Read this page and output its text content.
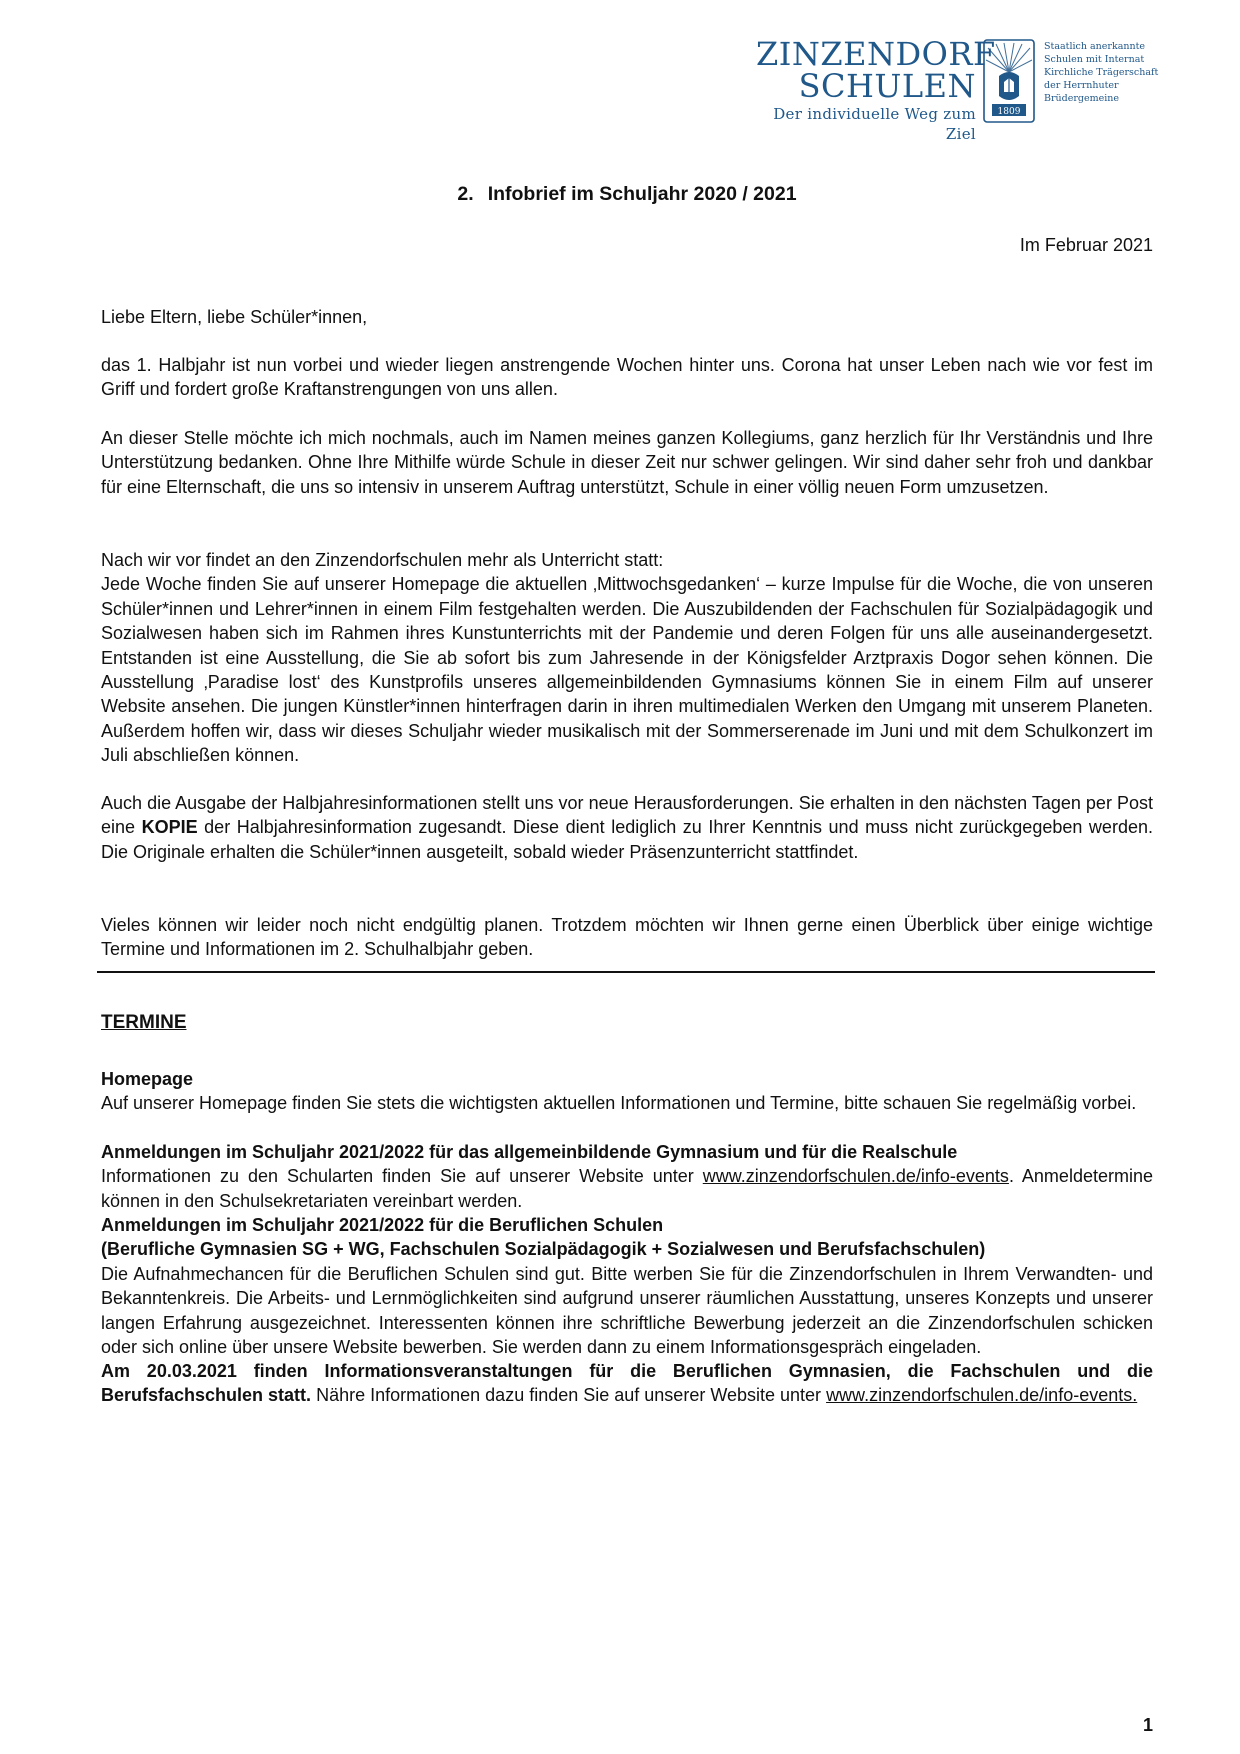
ZINZENDORF
SCHULEN
Der individuelle Weg zum Ziel
1809
Staatlich anerkannte
Schulen mit Internat
Kirchliche Trägerschaft
der Herrnhuter
Brüdergemeine
2. Infobrief im Schuljahr 2020 / 2021
Im Februar 2021

Liebe Eltern, liebe Schüler*innen,

das 1. Halbjahr ist nun vorbei und wieder liegen anstrengende Wochen hinter uns. Corona hat unser Leben nach wie vor fest im Griff und fordert große Kraftanstrengungen von uns allen.

An dieser Stelle möchte ich mich nochmals, auch im Namen meines ganzen Kollegiums, ganz herzlich für Ihr Verständnis und Ihre Unterstützung bedanken. Ohne Ihre Mithilfe würde Schule in dieser Zeit nur schwer gelingen. Wir sind daher sehr froh und dankbar für eine Elternschaft, die uns so intensiv in unserem Auftrag unterstützt, Schule in einer völlig neuen Form umzusetzen.

Nach wir vor findet an den Zinzendorfschulen mehr als Unterricht statt:
Jede Woche finden Sie auf unserer Homepage die aktuellen ‚Mittwochsgedanken‘ – kurze Impulse für die Woche, die von unseren Schüler*innen und Lehrer*innen in einem Film festgehalten werden. Die Auszubildenden der Fachschulen für Sozialpädagogik und Sozialwesen haben sich im Rahmen ihres Kunstunterrichts mit der Pandemie und deren Folgen für uns alle auseinandergesetzt. Entstanden ist eine Ausstellung, die Sie ab sofort bis zum Jahresende in der Königsfelder Arztpraxis Dogor sehen können. Die Ausstellung ‚Paradise lost‘ des Kunstprofils unseres allgemeinbildenden Gymnasiums können Sie in einem Film auf unserer Website ansehen. Die jungen Künstler*innen hinterfragen darin in ihren multimedialen Werken den Umgang mit unserem Planeten. Außerdem hoffen wir, dass wir dieses Schuljahr wieder musikalisch mit der Sommerserenade im Juni und mit dem Schulkonzert im Juli abschließen können.

Auch die Ausgabe der Halbjahresinformationen stellt uns vor neue Herausforderungen. Sie erhalten in den nächsten Tagen per Post eine KOPIE der Halbjahresinformation zugesandt. Diese dient lediglich zu Ihrer Kenntnis und muss nicht zurückgegeben werden. Die Originale erhalten die Schüler*innen ausgeteilt, sobald wieder Präsenzunterricht stattfindet.

Vieles können wir leider noch nicht endgültig planen. Trotzdem möchten wir Ihnen gerne einen Überblick über einige wichtige Termine und Informationen im 2. Schulhalbjahr geben.

TERMINE

Homepage
Auf unserer Homepage finden Sie stets die wichtigsten aktuellen Informationen und Termine, bitte schauen Sie regelmäßig vorbei.

Anmeldungen im Schuljahr 2021/2022 für das allgemeinbildende Gymnasium und für die Realschule
Informationen zu den Schularten finden Sie auf unserer Website unter www.zinzendorfschulen.de/info-events. Anmeldetermine können in den Schulsekretariaten vereinbart werden.

Anmeldungen im Schuljahr 2021/2022 für die Beruflichen Schulen
(Berufliche Gymnasien SG + WG, Fachschulen Sozialpädagogik + Sozialwesen und Berufsfachschulen)
Die Aufnahmechancen für die Beruflichen Schulen sind gut. Bitte werben Sie für die Zinzendorfschulen in Ihrem Verwandten- und Bekanntenkreis. Die Arbeits- und Lernmöglichkeiten sind aufgrund unserer räumlichen Ausstattung, unseres Konzepts und unserer langen Erfahrung ausgezeichnet. Interessenten können ihre schriftliche Bewerbung jederzeit an die Zinzendorfschulen schicken oder sich online über unsere Website bewerben. Sie werden dann zu einem Informationsgespräch eingeladen.

Am 20.03.2021 finden Informationsveranstaltungen für die Beruflichen Gymnasien, die Fachschulen und die Berufsfachschulen statt. Nähre Informationen dazu finden Sie auf unserer Website unter www.zinzendorfschulen.de/info-events.

1
